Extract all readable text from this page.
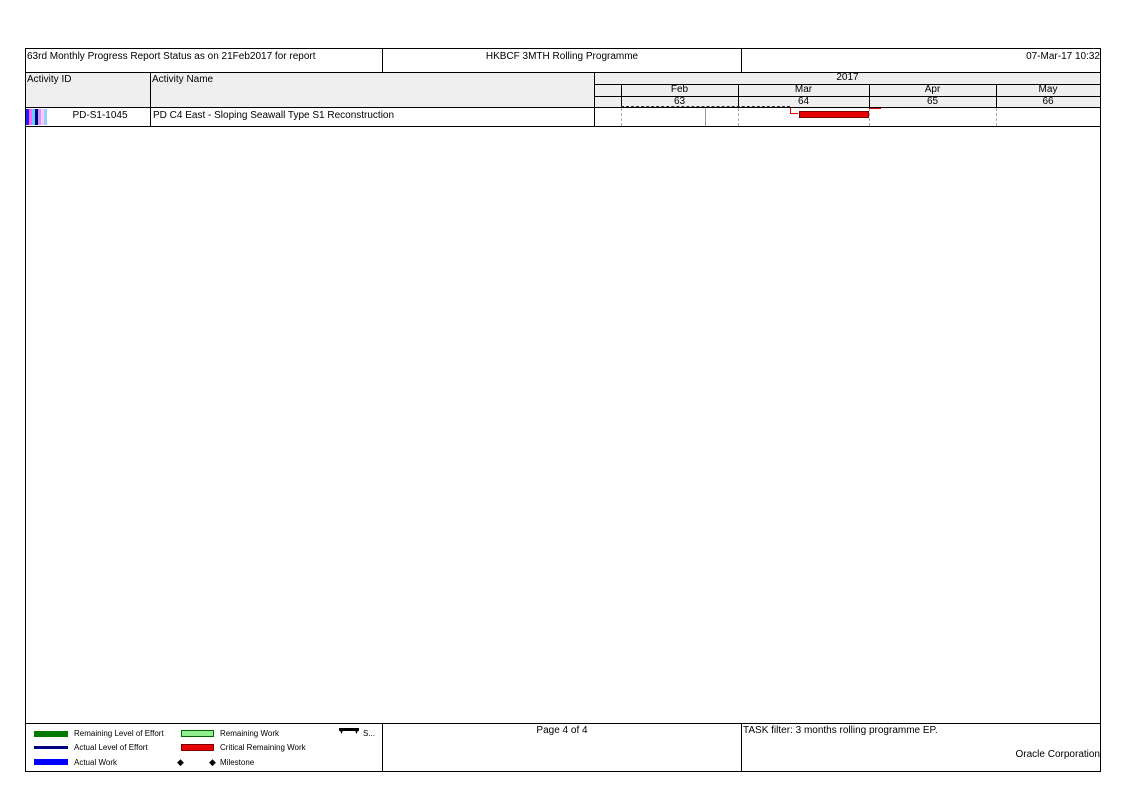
63rd Monthly Progress Report Status as on 21Feb2017 for report	HKBCF 3MTH Rolling Programme	07-Mar-17 10:32
Activity ID	Activity Name	2017
Feb	Mar	Apr	May
63	64	65	66
PD-S1-1045	PD C4 East - Sloping Seawall Type S1 Reconstruction
Remaining Level of Effort
Actual Level of Effort
Actual Work
Remaining Work
Critical Remaining Work
◆	◆ Milestone
S...	Page 4 of 4	TASK filter: 3 months rolling programme EP.
Oracle Corporation
